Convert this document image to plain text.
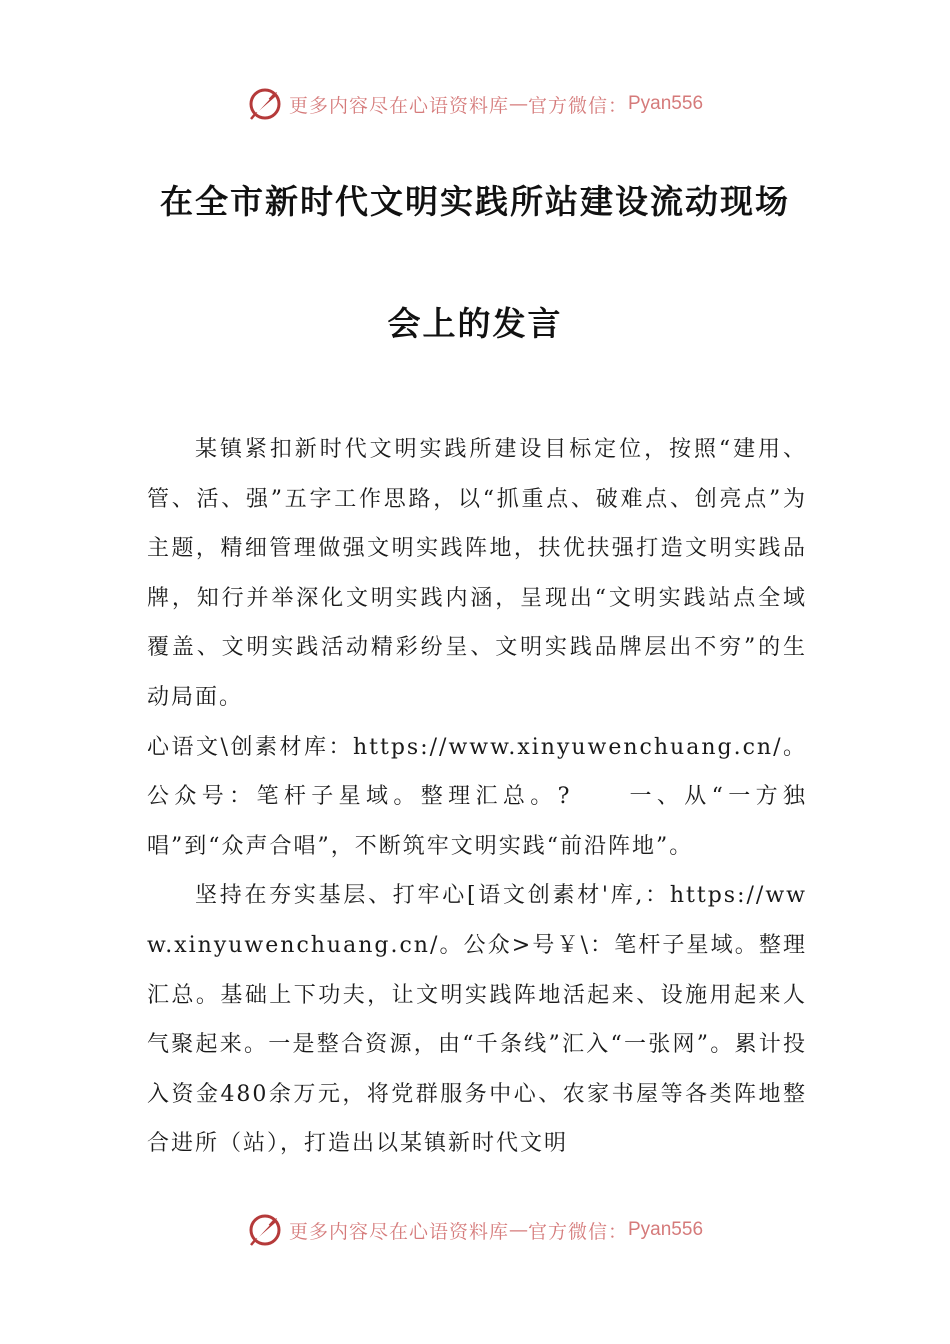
更多内容尽在心语资料库 — 官方微信： Pyan556
在全市新时代文明实践所站建设流动现场
会上的发言

某镇紧扣新时代文明实践所建设目标定位，按照“建用、管、活、强”五字工作思路，以“抓重点、破难点、创亮点”为主题，精细管理做强文明实践阵地，扶优扶强打造文明实践品牌，知行并举深化文明实践内涵，呈现出“文明实践站点全域覆盖、文明实践活动精彩纷呈、文明实践品牌层出不穷”的生动局面。

心语文\创素材库：https://www.xinyuwenchuang.cn/。公众号：笔杆子星域。整理汇总。?　　一、从“一方独唱”到“众声合唱”，不断筑牢文明实践“前沿阵地”。

坚持在夯实基层、打牢心[语文创素材'库,：https://www.xinyuwenchuang.cn/。公众>号￥\：笔杆子星域。整理汇总。基础上下功夫，让文明实践阵地活起来、设施用起来人气聚起来。一是整合资源，由“千条线”汇入“一张网”。累计投入资金480余万元，将党群服务中心、农家书屋等各类阵地整合进所（站），打造出以某镇新时代文明

更多内容尽在心语资料库 — 官方微信： Pyan556
